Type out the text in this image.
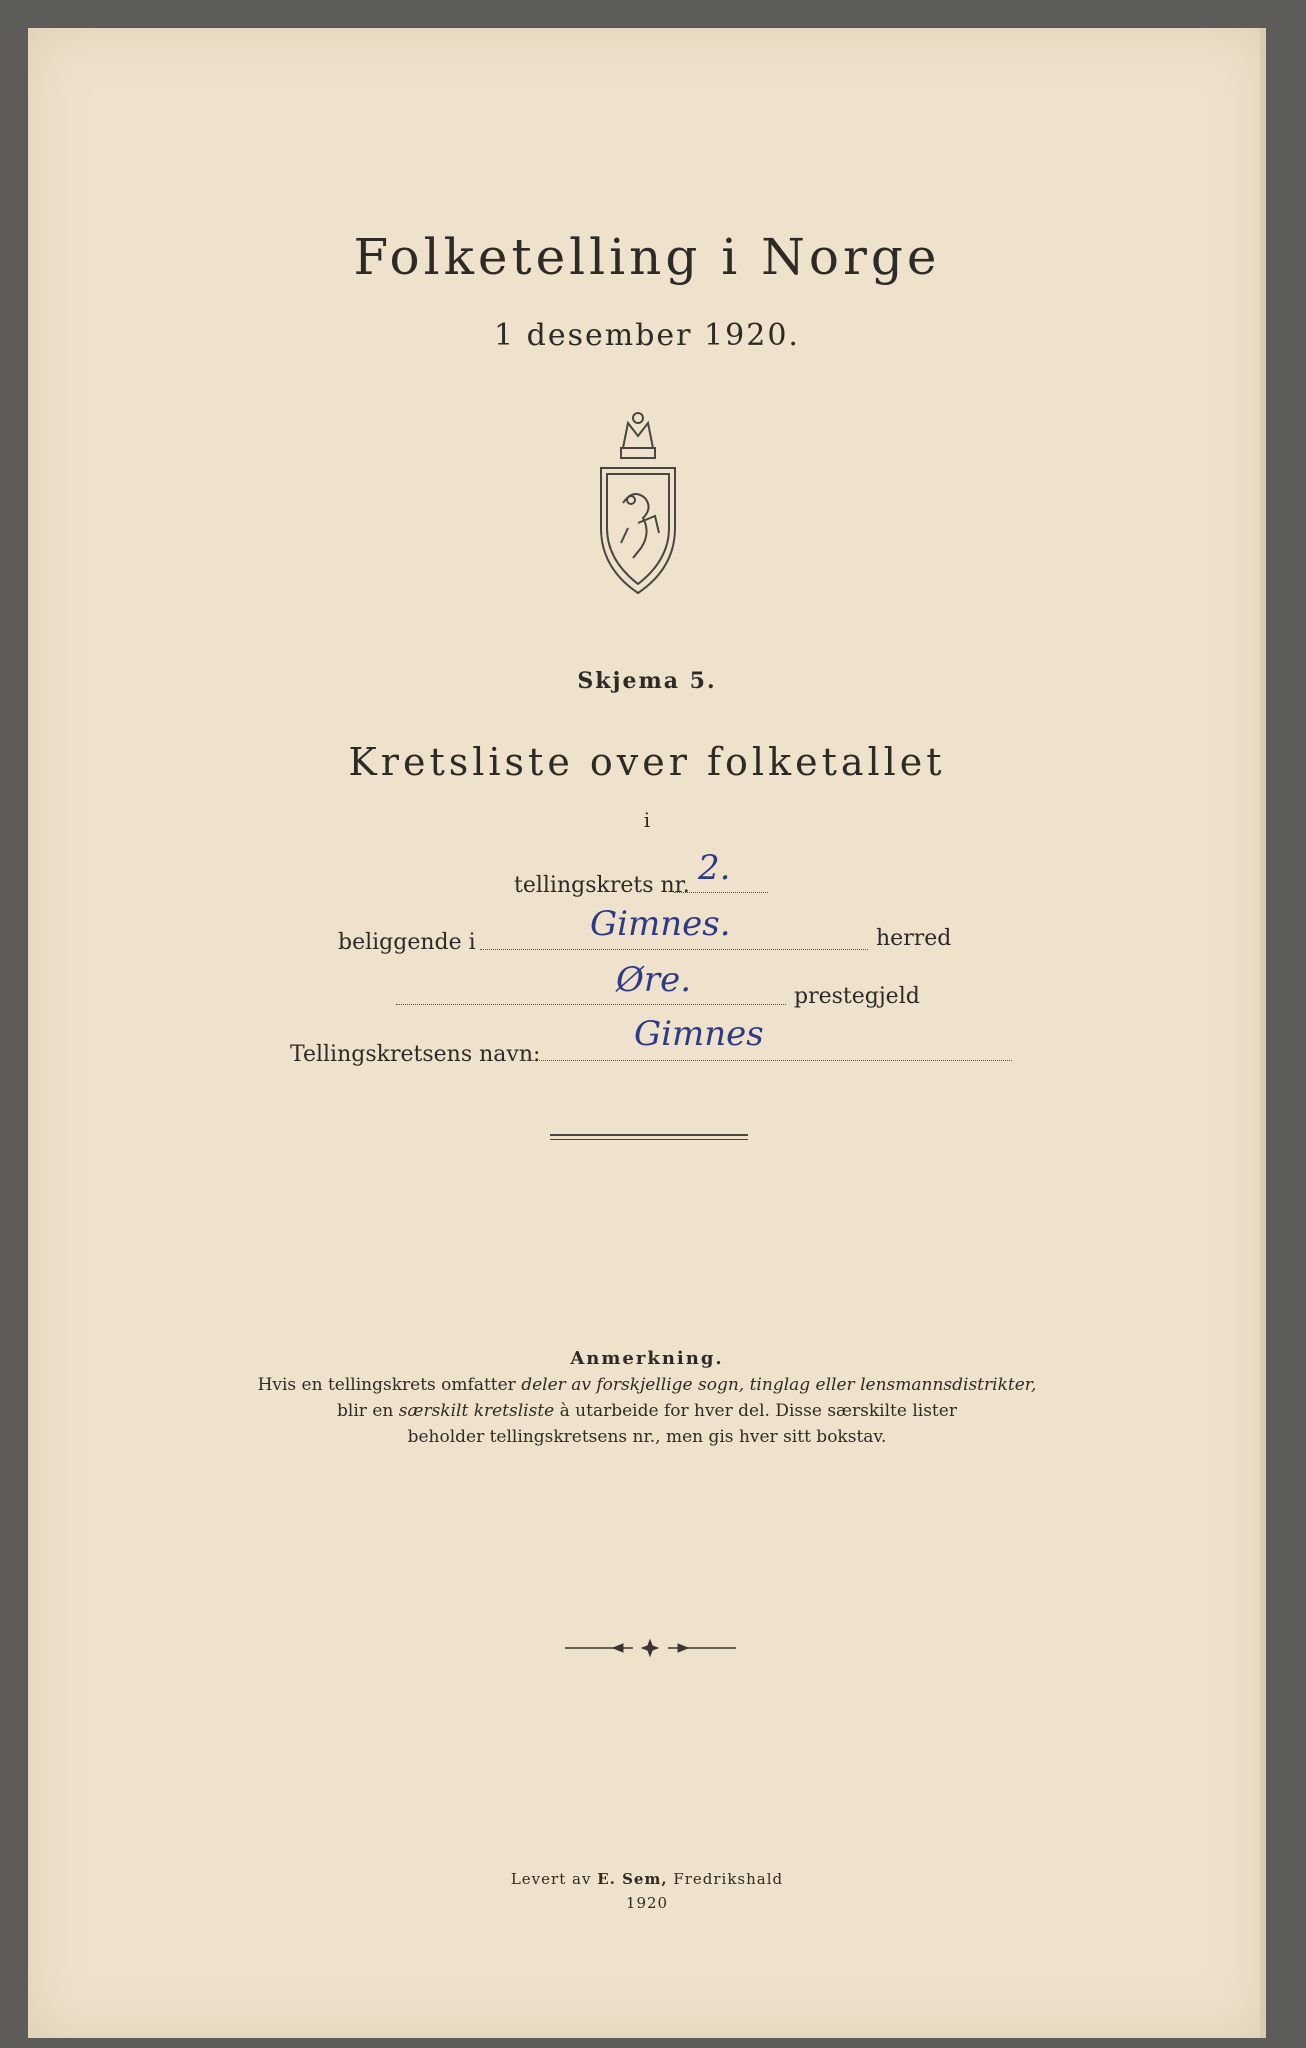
Folketelling i Norge
1 desember 1920.
Skjema 5.
Kretsliste over folketallet
i
tellingskrets nr. 2.
beliggende i	Gimnes.	herred
Øre.	prestegjeld
Tellingskretsens navn:
Gimnes
Anmerkning.
Hvis en tellingskrets omfatter deler av forskjellige sogn, tinglag eller lensmannsdistrikter,
blir en særskilt kretsliste à utarbeide for hver del. Disse særskilte lister
beholder tellingskretsens nr., men gis hver sitt bokstav.
Levert av E. Sem, Fredrikshald
1920
